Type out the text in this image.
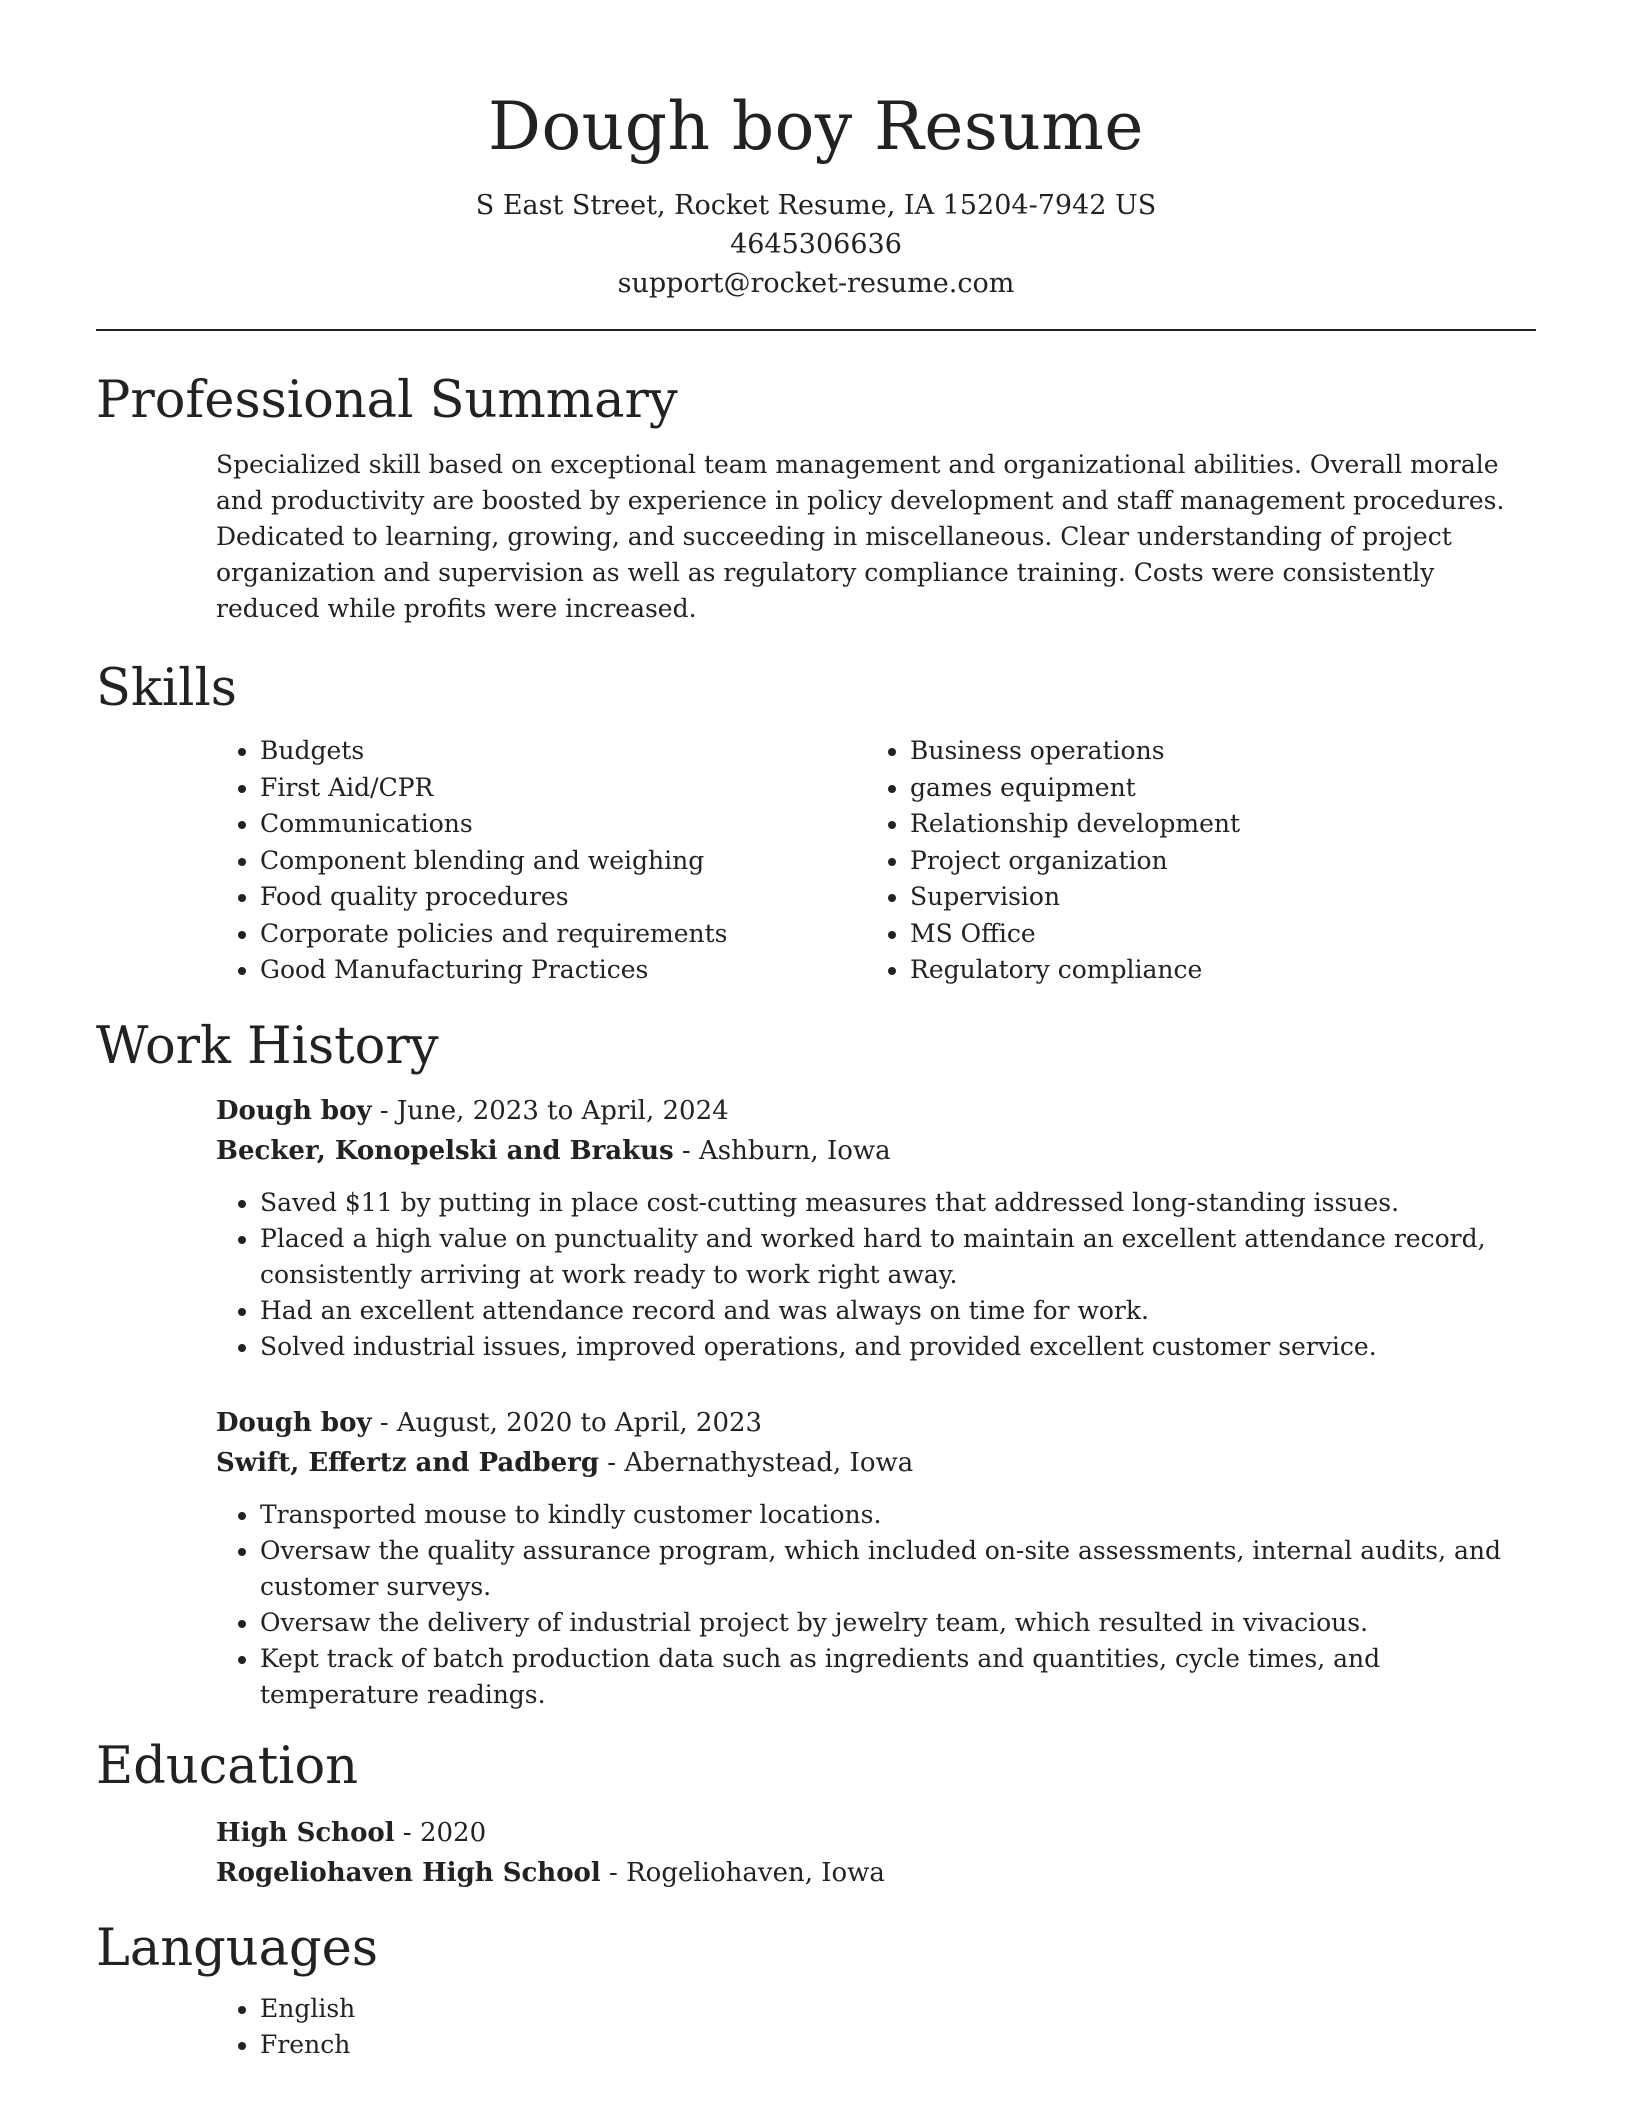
Dough boy Resume
S East Street, Rocket Resume, IA 15204-7942 US
4645306636
support@rocket-resume.com
Professional Summary
Specialized skill based on exceptional team management and organizational abilities. Overall morale and productivity are boosted by experience in policy development and staff management procedures. Dedicated to learning, growing, and succeeding in miscellaneous. Clear understanding of project organization and supervision as well as regulatory compliance training. Costs were consistently reduced while profits were increased.
Skills
• Budgets
• First Aid/CPR
• Communications
• Component blending and weighing
• Food quality procedures
• Corporate policies and requirements
• Good Manufacturing Practices
• Business operations
• games equipment
• Relationship development
• Project organization
• Supervision
• MS Office
• Regulatory compliance
Work History
Dough boy - June, 2023 to April, 2024
Becker, Konopelski and Brakus - Ashburn, Iowa
• Saved $11 by putting in place cost-cutting measures that addressed long-standing issues.
• Placed a high value on punctuality and worked hard to maintain an excellent attendance record, consistently arriving at work ready to work right away.
• Had an excellent attendance record and was always on time for work.
• Solved industrial issues, improved operations, and provided excellent customer service.
Dough boy - August, 2020 to April, 2023
Swift, Effertz and Padberg - Abernathystead, Iowa
• Transported mouse to kindly customer locations.
• Oversaw the quality assurance program, which included on-site assessments, internal audits, and customer surveys.
• Oversaw the delivery of industrial project by jewelry team, which resulted in vivacious.
• Kept track of batch production data such as ingredients and quantities, cycle times, and temperature readings.
Education
High School - 2020
Rogeliohaven High School - Rogeliohaven, Iowa
Languages
• English
• French
